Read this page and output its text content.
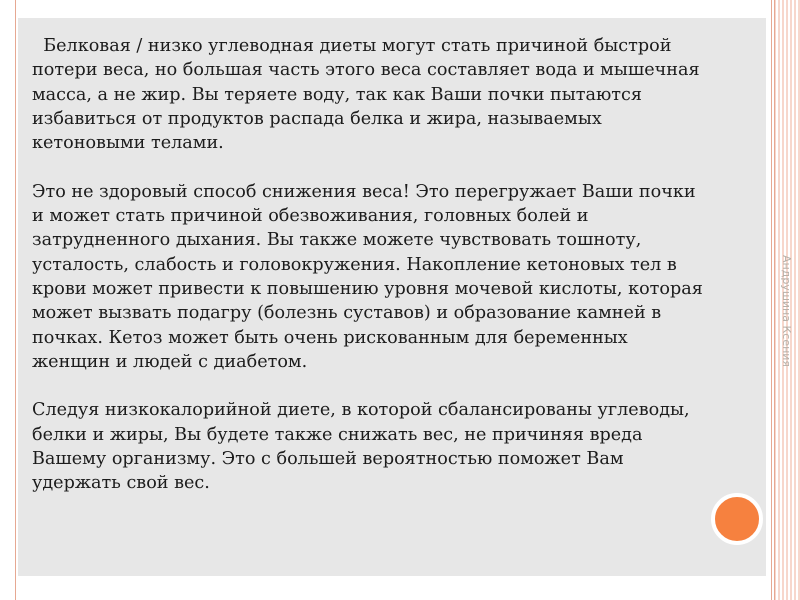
Белковая / низко углеводная диеты могут стать причиной быстрой
потери веса, но большая часть этого веса составляет вода и мышечная
масса, а не жир. Вы теряете воду, так как Ваши почки пытаются
избавиться от продуктов распада белка и жира, называемых
кетоновыми телами.

Это не здоровый способ снижения веса! Это перегружает Ваши почки
и может стать причиной обезвоживания, головных болей и
затрудненного дыхания. Вы также можете чувствовать тошноту,
усталость, слабость и головокружения. Накопление кетоновых тел в
крови может привести к повышению уровня мочевой кислоты, которая
может вызвать подагру (болезнь суставов) и образование камней в
почках. Кетоз может быть очень рискованным для беременных
женщин и людей с диабетом.

Следуя низкокалорийной диете, в которой сбалансированы углеводы,
белки и жиры, Вы будете также снижать вес, не причиняя вреда
Вашему организму. Это с большей вероятностью поможет Вам
удержать свой вес.

Андрушина Ксения
